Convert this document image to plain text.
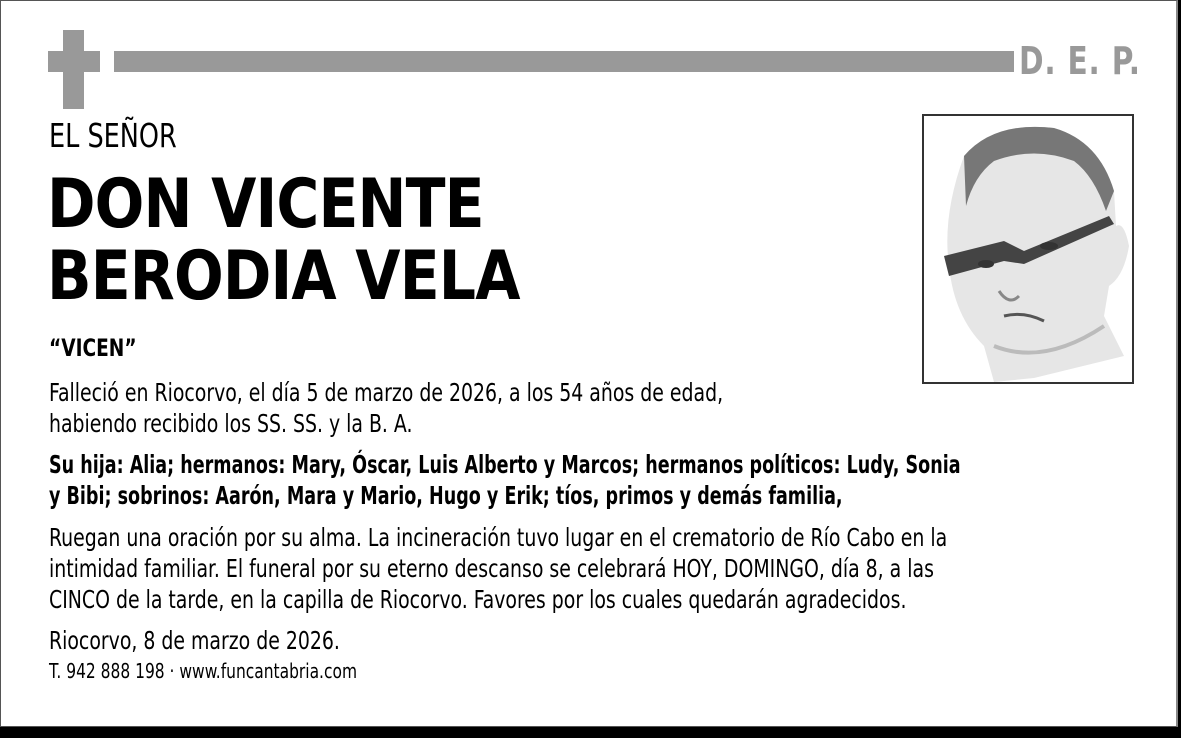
D. E. P.
EL SEÑOR
DON VICENTE
BERODIA VELA
“VICEN”
Falleció en Riocorvo, el día 5 de marzo de 2026, a los 54 años de edad,
habiendo recibido los SS. SS. y la B. A.
Su hija: Alia; hermanos: Mary, Óscar, Luis Alberto y Marcos; hermanos políticos: Ludy, Sonia
y Bibi; sobrinos: Aarón, Mara y Mario, Hugo y Erik; tíos, primos y demás familia,
Ruegan una oración por su alma. La incineración tuvo lugar en el crematorio de Río Cabo en la
intimidad familiar. El funeral por su eterno descanso se celebrará HOY, DOMINGO, día 8, a las
CINCO de la tarde, en la capilla de Riocorvo. Favores por los cuales quedarán agradecidos.
Riocorvo, 8 de marzo de 2026.
T. 942 888 198 · www.funcantabria.com
